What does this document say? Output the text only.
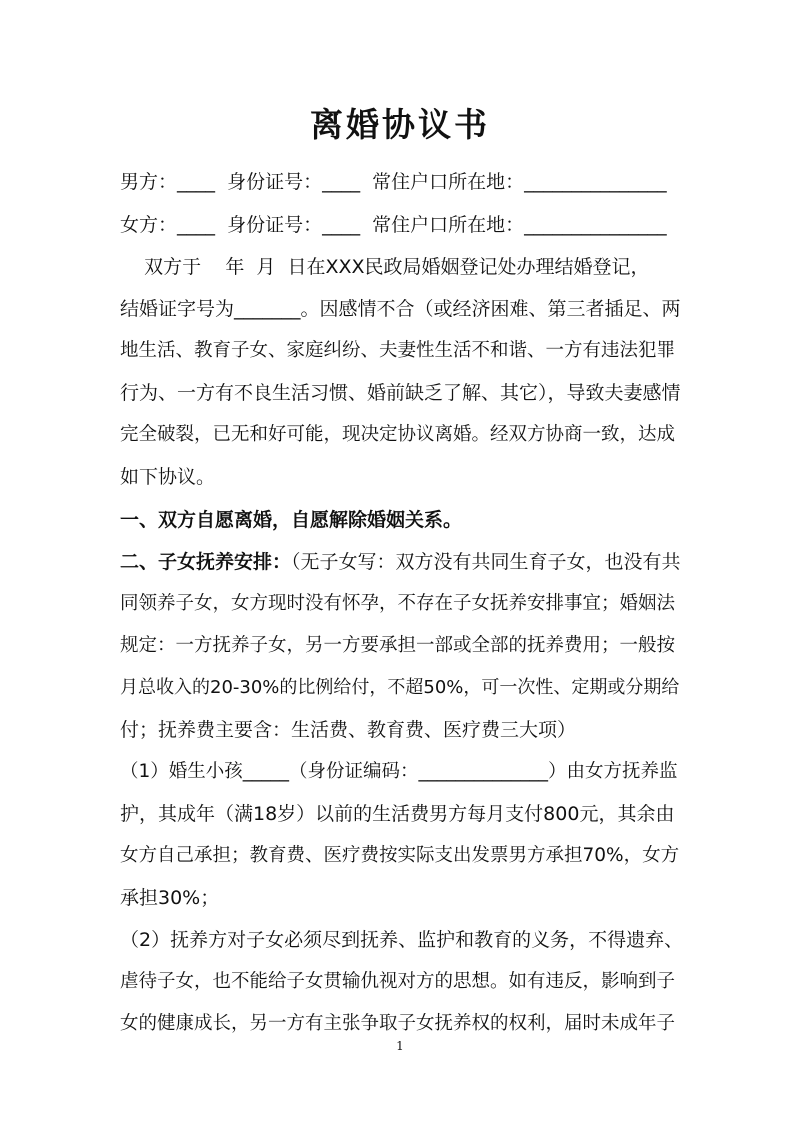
离婚协议书
男方：____  身份证号：____  常住户口所在地：_______________
女方：____  身份证号：____  常住户口所在地：_______________
双方于    年  月  日在XXX民政局婚姻登记处办理结婚登记，
结婚证字号为_______。因感情不合（或经济困难、第三者插足、两
地生活、教育子女、家庭纠纷、夫妻性生活不和谐、一方有违法犯罪
行为、一方有不良生活习惯、婚前缺乏了解、其它），导致夫妻感情
完全破裂，已无和好可能，现决定协议离婚。经双方协商一致，达成
如下协议。
一、双方自愿离婚，自愿解除婚姻关系。
二、子女抚养安排：（无子女写：双方没有共同生育子女，也没有共
同领养子女，女方现时没有怀孕，不存在子女抚养安排事宜；婚姻法
规定：一方抚养子女，另一方要承担一部或全部的抚养费用；一般按
月总收入的20-30%的比例给付，不超50%，可一次性、定期或分期给
付；抚养费主要含：生活费、教育费、医疗费三大项）
（1）婚生小孩_____（身份证编码：______________）由女方抚养监
护，其成年（满18岁）以前的生活费男方每月支付800元，其余由
女方自己承担；教育费、医疗费按实际支出发票男方承担70%，女方
承担30%；
（2）抚养方对子女必须尽到抚养、监护和教育的义务，不得遗弃、
虐待子女，也不能给子女贯输仇视对方的思想。如有违反，影响到子
女的健康成长，另一方有主张争取子女抚养权的权利，届时未成年子
1
